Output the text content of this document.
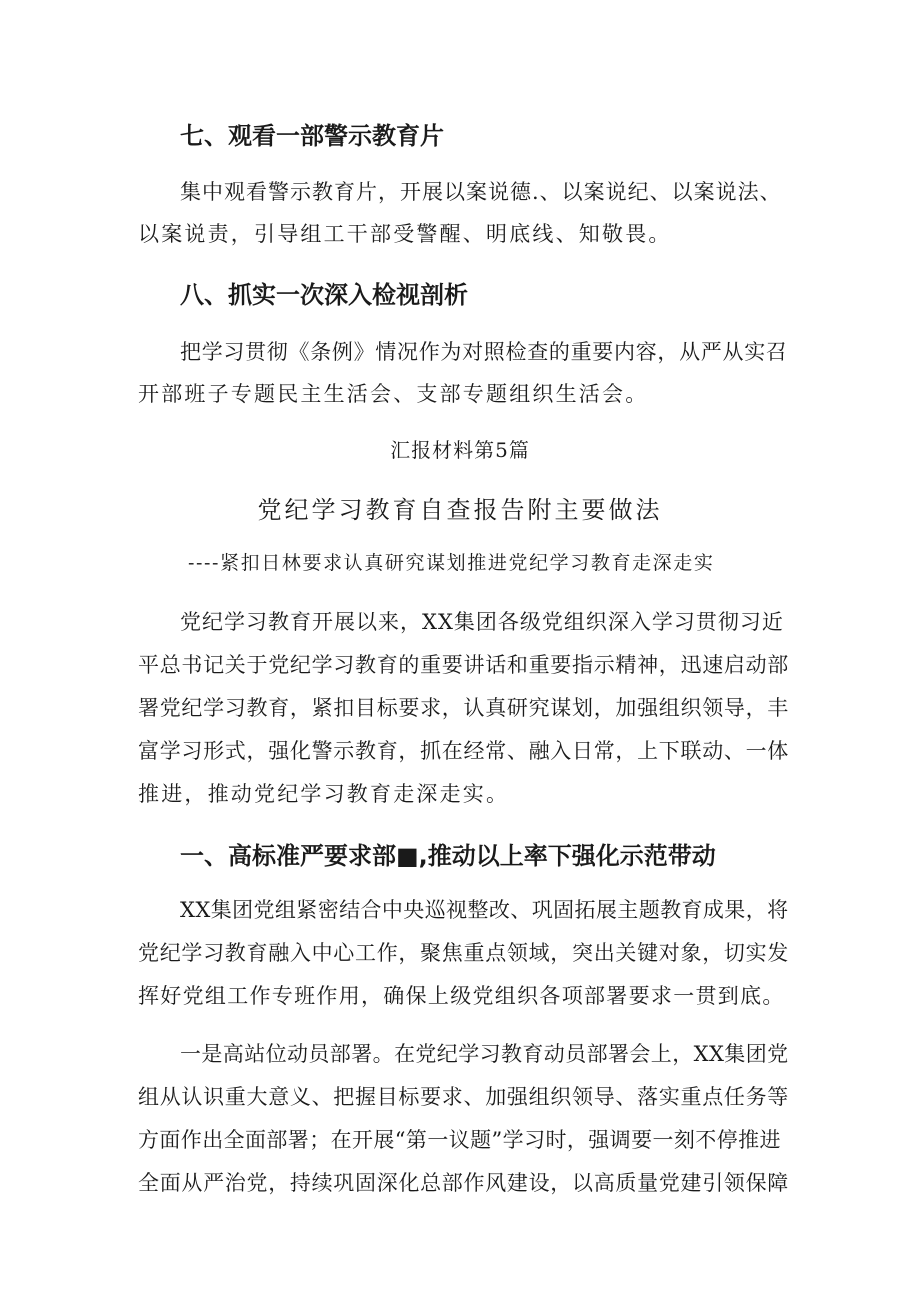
七、观看一部警示教育片
集中观看警示教育片，开展以案说德.、以案说纪、以案说法、
以案说责，引导组工干部受警醒、明底线、知敬畏。
八、抓实一次深入检视剖析
把学习贯彻《条例》情况作为对照检查的重要内容，从严从实召
开部班子专题民主生活会、支部专题组织生活会。
汇报材料第5篇
党纪学习教育自查报告附主要做法
----紧扣日林要求认真研究谋划推进党纪学习教育走深走实
党纪学习教育开展以来，XX集团各级党组织深入学习贯彻习近
平总书记关于党纪学习教育的重要讲话和重要指示精神，迅速启动部
署党纪学习教育，紧扣目标要求，认真研究谋划，加强组织领导，丰
富学习形式，强化警示教育，抓在经常、融入日常，上下联动、一体
推进，推动党纪学习教育走深走实。
一、高标准严要求部■,推动以上率下强化示范带动
XX集团党组紧密结合中央巡视整改、巩固拓展主题教育成果，将
党纪学习教育融入中心工作，聚焦重点领域，突出关键对象，切实发
挥好党组工作专班作用，确保上级党组织各项部署要求一贯到底。
一是高站位动员部署。在党纪学习教育动员部署会上，XX集团党
组从认识重大意义、把握目标要求、加强组织领导、落实重点任务等
方面作出全面部署；在开展“第一议题”学习时，强调要一刻不停推进
全面从严治党，持续巩固深化总部作风建设，以高质量党建引领保障
